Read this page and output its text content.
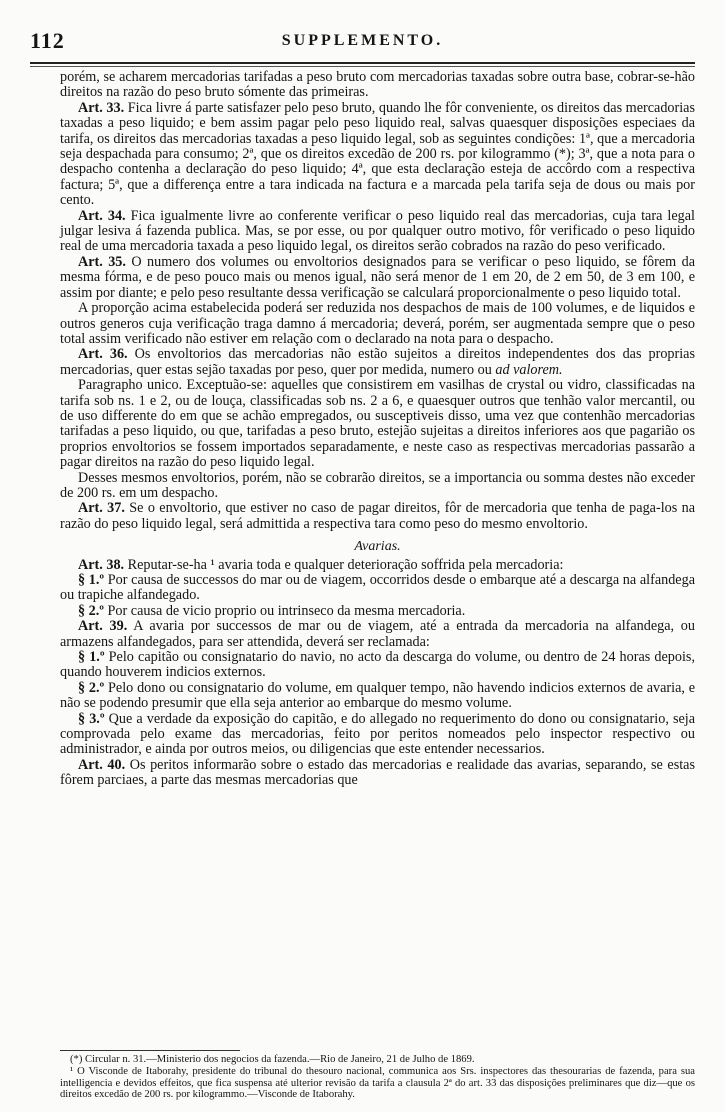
112	SUPPLEMENTO.

porém, se acharem mercadorias tarifadas a peso bruto com mercadorias taxadas sobre outra base, cobrar-se-hão direitos na razão do peso bruto sómente das primeiras.

Art. 33. Fica livre á parte satisfazer pelo peso bruto, quando lhe fôr conveniente, os direitos das mercadorias taxadas a peso liquido; e bem assim pagar pelo peso liquido real, salvas quaesquer disposições especiaes da tarifa, os direitos das mercadorias taxadas a peso liquido legal, sob as seguintes condições: 1ª, que a mercadoria seja despachada para consumo; 2ª, que os direitos excedão de 200 rs. por kilogrammo (*); 3ª, que a nota para o despacho contenha a declaração do peso liquido; 4ª, que esta declaração esteja de accôrdo com a respectiva factura; 5ª, que a differença entre a tara indicada na factura e a marcada pela tarifa seja de dous ou mais por cento.

Art. 34. Fica igualmente livre ao conferente verificar o peso liquido real das mercadorias, cuja tara legal julgar lesiva á fazenda publica. Mas, se por esse, ou por qualquer outro motivo, fôr verificado o peso liquido real de uma mercadoria taxada a peso liquido legal, os direitos serão cobrados na razão do peso verificado.

Art. 35. O numero dos volumes ou envoltorios designados para se verificar o peso liquido, se fôrem da mesma fórma, e de peso pouco mais ou menos igual, não será menor de 1 em 20, de 2 em 50, de 3 em 100, e assim por diante; e pelo peso resultante dessa verificação se calculará proporcionalmente o peso liquido total.

A proporção acima estabelecida poderá ser reduzida nos despachos de mais de 100 volumes, e de liquidos e outros generos cuja verificação traga damno á mercadoria; deverá, porém, ser augmentada sempre que o peso total assim verificado não estiver em relação com o declarado na nota para o despacho.

Art. 36. Os envoltorios das mercadorias não estão sujeitos a direitos independentes dos das proprias mercadorias, quer estas sejão taxadas por peso, quer por medida, numero ou ad valorem.

Paragrapho unico. Exceptuão-se: aquelles que consistirem em vasilhas de crystal ou vidro, classificadas na tarifa sob ns. 1 e 2, ou de louça, classificadas sob ns. 2 a 6, e quaesquer outros que tenhão valor mercantil, ou de uso differente do em que se achão empregados, ou susceptiveis disso, uma vez que contenhão mercadorias tarifadas a peso liquido, ou que, tarifadas a peso bruto, estejão sujeitas a direitos inferiores aos que pagarião os proprios envoltorios se fossem importados separadamente, e neste caso as respectivas mercadorias passarão a pagar direitos na razão do peso liquido legal.

Desses mesmos envoltorios, porém, não se cobrarão direitos, se a importancia ou somma destes não exceder de 200 rs. em um despacho.

Art. 37. Se o envoltorio, que estiver no caso de pagar direitos, fôr de mercadoria que tenha de paga-los na razão do peso liquido legal, será admittida a respectiva tara como peso do mesmo envoltorio.

Avarias.

Art. 38. Reputar-se-ha ¹ avaria toda e qualquer deterioração soffrida pela mercadoria:

§ 1.º Por causa de successos do mar ou de viagem, occorridos desde o embarque até a descarga na alfandega ou trapiche alfandegado.

§ 2.º Por causa de vicio proprio ou intrinseco da mesma mercadoria.

Art. 39. A avaria por successos de mar ou de viagem, até a entrada da mercadoria na alfandega, ou armazens alfandegados, para ser attendida, deverá ser reclamada:

§ 1.º Pelo capitão ou consignatario do navio, no acto da descarga do volume, ou dentro de 24 horas depois, quando houverem indicios externos.

§ 2.º Pelo dono ou consignatario do volume, em qualquer tempo, não havendo indicios externos de avaria, e não se podendo presumir que ella seja anterior ao embarque do mesmo volume.

§ 3.º Que a verdade da exposição do capitão, e do allegado no requerimento do dono ou consignatario, seja comprovada pelo exame das mercadorias, feito por peritos nomeados pelo inspector respectivo ou administrador, e ainda por outros meios, ou diligencias que este entender necessarios.

Art. 40. Os peritos informarão sobre o estado das mercadorias e realidade das avarias, separando, se estas fôrem parciaes, a parte das mesmas mercadorias que

(*) Circular n. 31.—Ministerio dos negocios da fazenda.—Rio de Janeiro, 21 de Julho de 1869.

¹ O Visconde de Itaborahy, presidente do tribunal do thesouro nacional, communica aos Srs. inspectores das thesourarias de fazenda, para sua intelligencia e devidos effeitos, que fica suspensa até ulterior revisão da tarifa a clausula 2ª do art. 33 das disposições preliminares que diz—que os direitos excedão de 200 rs. por kilogrammo.—Visconde de Itaborahy.
